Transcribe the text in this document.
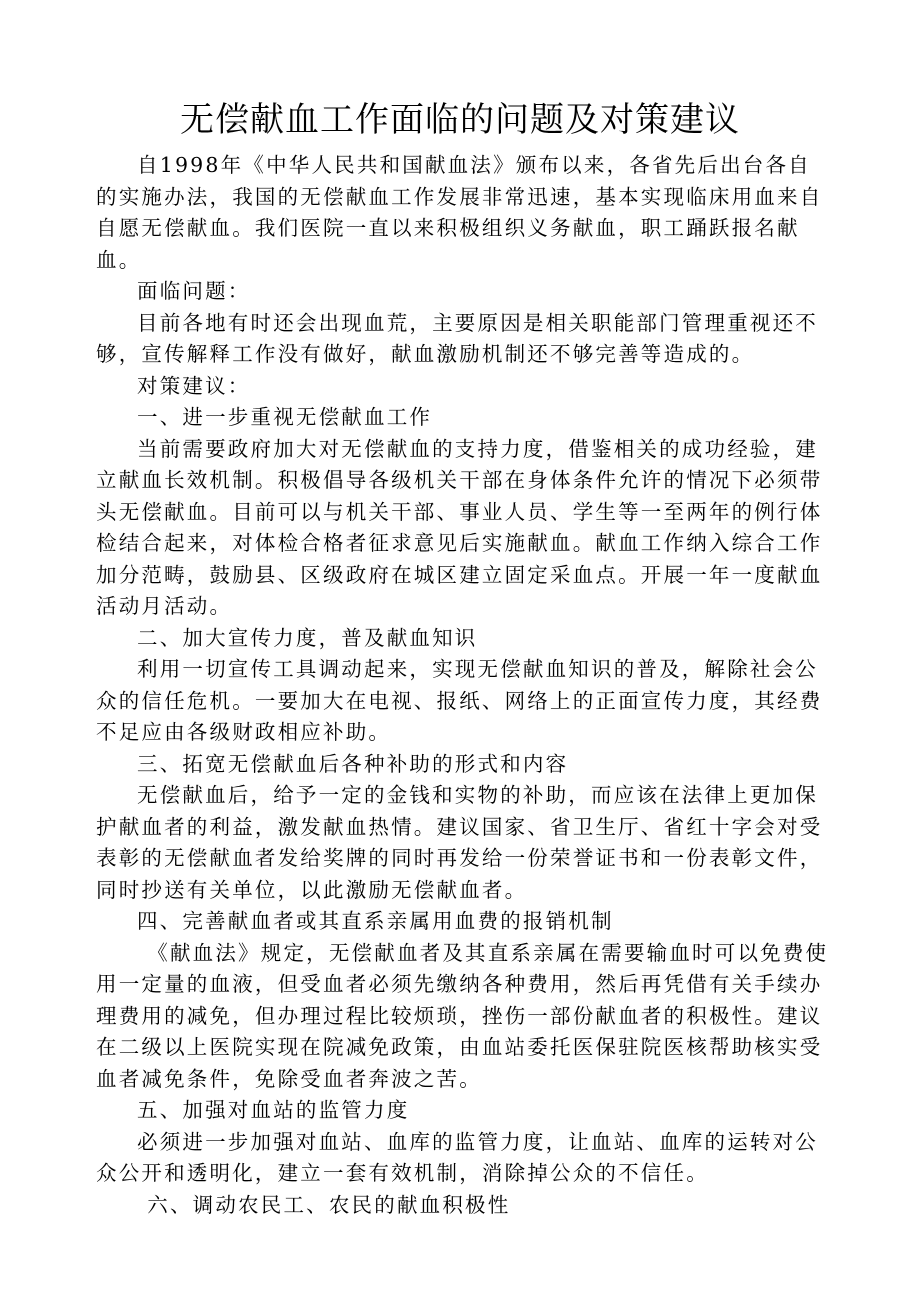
无偿献血工作面临的问题及对策建议

自1998年《中华人民共和国献血法》颁布以来，各省先后出台各自的实施办法，我国的无偿献血工作发展非常迅速，基本实现临床用血来自自愿无偿献血。我们医院一直以来积极组织义务献血，职工踊跃报名献血。

面临问题：

目前各地有时还会出现血荒，主要原因是相关职能部门管理重视还不够，宣传解释工作没有做好，献血激励机制还不够完善等造成的。

对策建议：

一、进一步重视无偿献血工作

当前需要政府加大对无偿献血的支持力度，借鉴相关的成功经验，建立献血长效机制。积极倡导各级机关干部在身体条件允许的情况下必须带头无偿献血。目前可以与机关干部、事业人员、学生等一至两年的例行体检结合起来，对体检合格者征求意见后实施献血。献血工作纳入综合工作加分范畴，鼓励县、区级政府在城区建立固定采血点。开展一年一度献血活动月活动。

二、加大宣传力度，普及献血知识

利用一切宣传工具调动起来，实现无偿献血知识的普及，解除社会公众的信任危机。一要加大在电视、报纸、网络上的正面宣传力度，其经费不足应由各级财政相应补助。

三、拓宽无偿献血后各种补助的形式和内容

无偿献血后，给予一定的金钱和实物的补助，而应该在法律上更加保护献血者的利益，激发献血热情。建议国家、省卫生厅、省红十字会对受表彰的无偿献血者发给奖牌的同时再发给一份荣誉证书和一份表彰文件，同时抄送有关单位，以此激励无偿献血者。

四、完善献血者或其直系亲属用血费的报销机制

《献血法》规定，无偿献血者及其直系亲属在需要输血时可以免费使用一定量的血液，但受血者必须先缴纳各种费用，然后再凭借有关手续办理费用的减免，但办理过程比较烦琐，挫伤一部份献血者的积极性。建议在二级以上医院实现在院减免政策，由血站委托医保驻院医核帮助核实受血者减免条件，免除受血者奔波之苦。

五、加强对血站的监管力度

必须进一步加强对血站、血库的监管力度，让血站、血库的运转对公众公开和透明化，建立一套有效机制，消除掉公众的不信任。

六、调动农民工、农民的献血积极性
